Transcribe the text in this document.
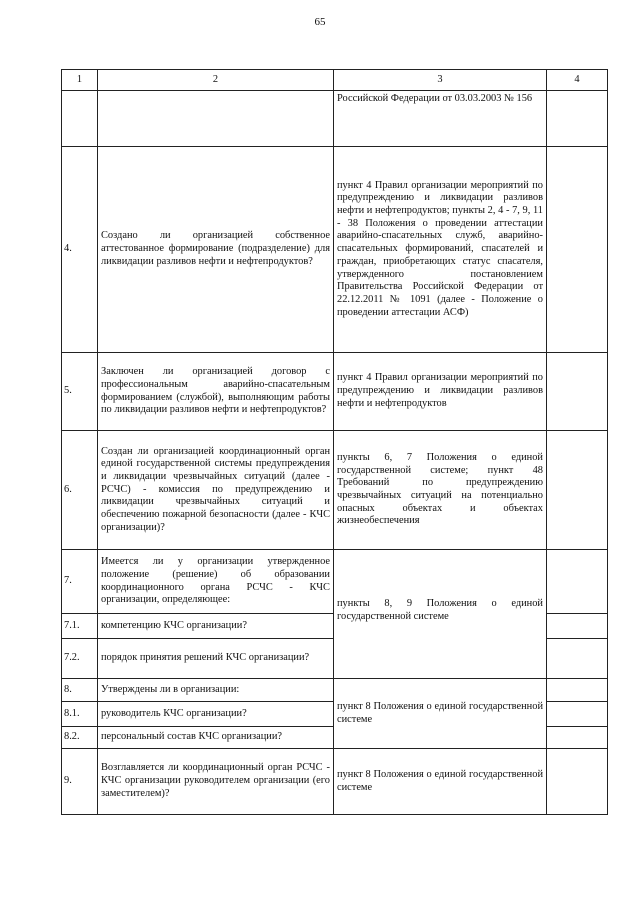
65
1	2	3	4
		Российской Федерации от 03.03.2003 № 156	
4.	Создано ли организацией собственное аттестованное формирование (подразделение) для ликвидации разливов нефти и нефтепродуктов?	пункт 4 Правил организации мероприятий по предупреждению и ликвидации разливов нефти и нефтепродуктов; пункты 2, 4 - 7, 9, 11 - 38 Положения о проведении аттестации аварийно-спасательных служб, аварийно-спасательных формирований, спасателей и граждан, приобретающих статус спасателя, утвержденного постановлением Правительства Российской Федерации от 22.12.2011 № 1091 (далее - Положение о проведении аттестации АСФ)	
5.	Заключен ли организацией договор с профессиональным аварийно-спасательным формированием (службой), выполняющим работы по ликвидации разливов нефти и нефтепродуктов?	пункт 4 Правил организации мероприятий по предупреждению и ликвидации разливов нефти и нефтепродуктов	
6.	Создан ли организацией координационный орган единой государственной системы предупреждения и ликвидации чрезвычайных ситуаций (далее - РСЧС) - комиссия по предупреждению и ликвидации чрезвычайных ситуаций и обеспечению пожарной безопасности (далее - КЧС организации)?	пункты 6, 7 Положения о единой государственной системе; пункт 48 Требований по предупреждению чрезвычайных ситуаций на потенциально опасных объектах и объектах жизнеобеспечения	
7.	Имеется ли у организации утвержденное положение (решение) об образовании координационного органа РСЧС - КЧС организации, определяющее:	пункты 8, 9 Положения о единой государственной системе	
7.1.	компетенцию КЧС организации?		
7.2.	порядок принятия решений КЧС организации?		
8.	Утверждены ли в организации:	пункт 8 Положения о единой государственной системе	
8.1.	руководитель КЧС организации?		
8.2.	персональный состав КЧС организации?		
9.	Возглавляется ли координационный орган РСЧС - КЧС организации руководителем организации (его заместителем)?	пункт 8 Положения о единой государственной системе	
